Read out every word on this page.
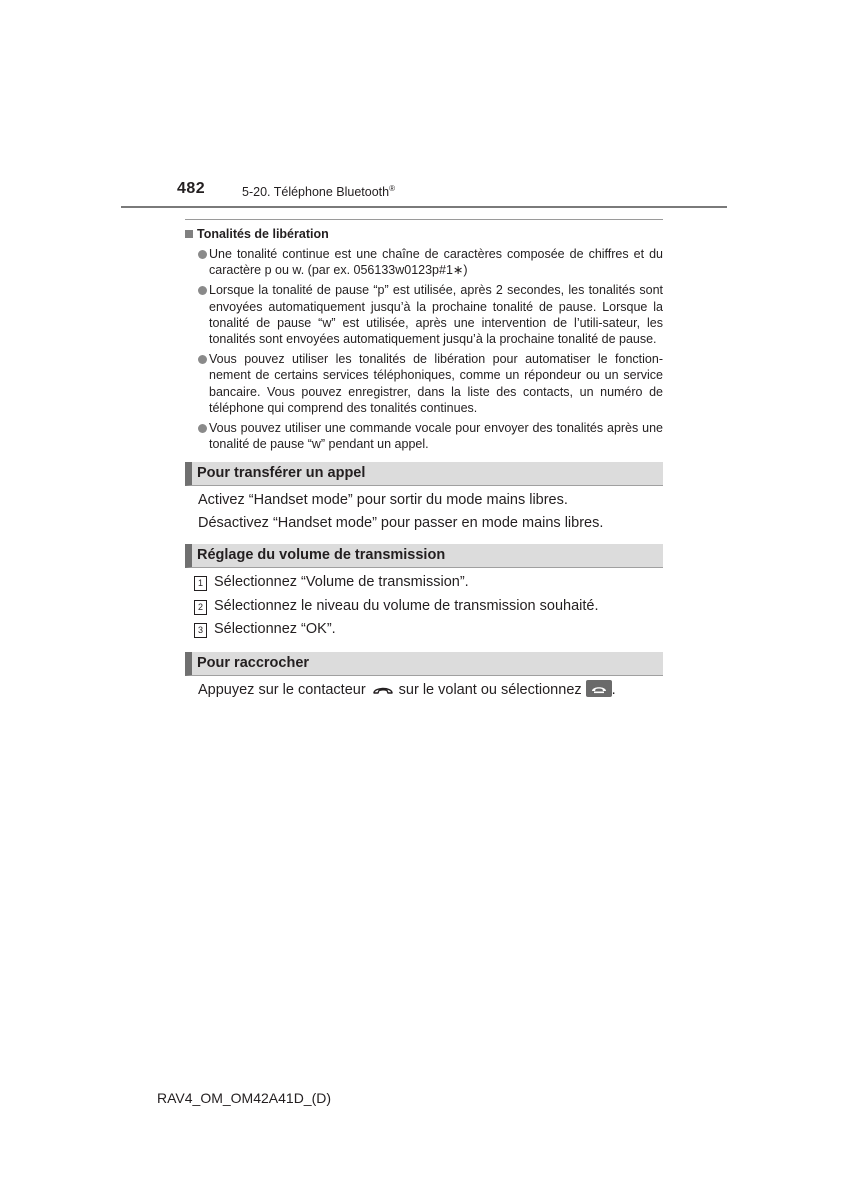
482	5-20. Téléphone Bluetooth®
Tonalités de libération
Une tonalité continue est une chaîne de caractères composée de chiffres et du caractère p ou w. (par ex. 056133w0123p#1∗)
Lorsque la tonalité de pause “p” est utilisée, après 2 secondes, les tonalités sont envoyées automatiquement jusqu’à la prochaine tonalité de pause. Lorsque la tonalité de pause “w” est utilisée, après une intervention de l’utili-sateur, les tonalités sont envoyées automatiquement jusqu’à la prochaine tonalité de pause.
Vous pouvez utiliser les tonalités de libération pour automatiser le fonction-nement de certains services téléphoniques, comme un répondeur ou un service bancaire. Vous pouvez enregistrer, dans la liste des contacts, un numéro de téléphone qui comprend des tonalités continues.
Vous pouvez utiliser une commande vocale pour envoyer des tonalités après une tonalité de pause “w” pendant un appel.
Pour transférer un appel
Activez “Handset mode” pour sortir du mode mains libres.
Désactivez “Handset mode” pour passer en mode mains libres.
Réglage du volume de transmission
1 Sélectionnez “Volume de transmission”.
2 Sélectionnez le niveau du volume de transmission souhaité.
3 Sélectionnez “OK”.
Pour raccrocher
Appuyez sur le contacteur sur le volant ou sélectionnez .
RAV4_OM_OM42A41D_(D)
